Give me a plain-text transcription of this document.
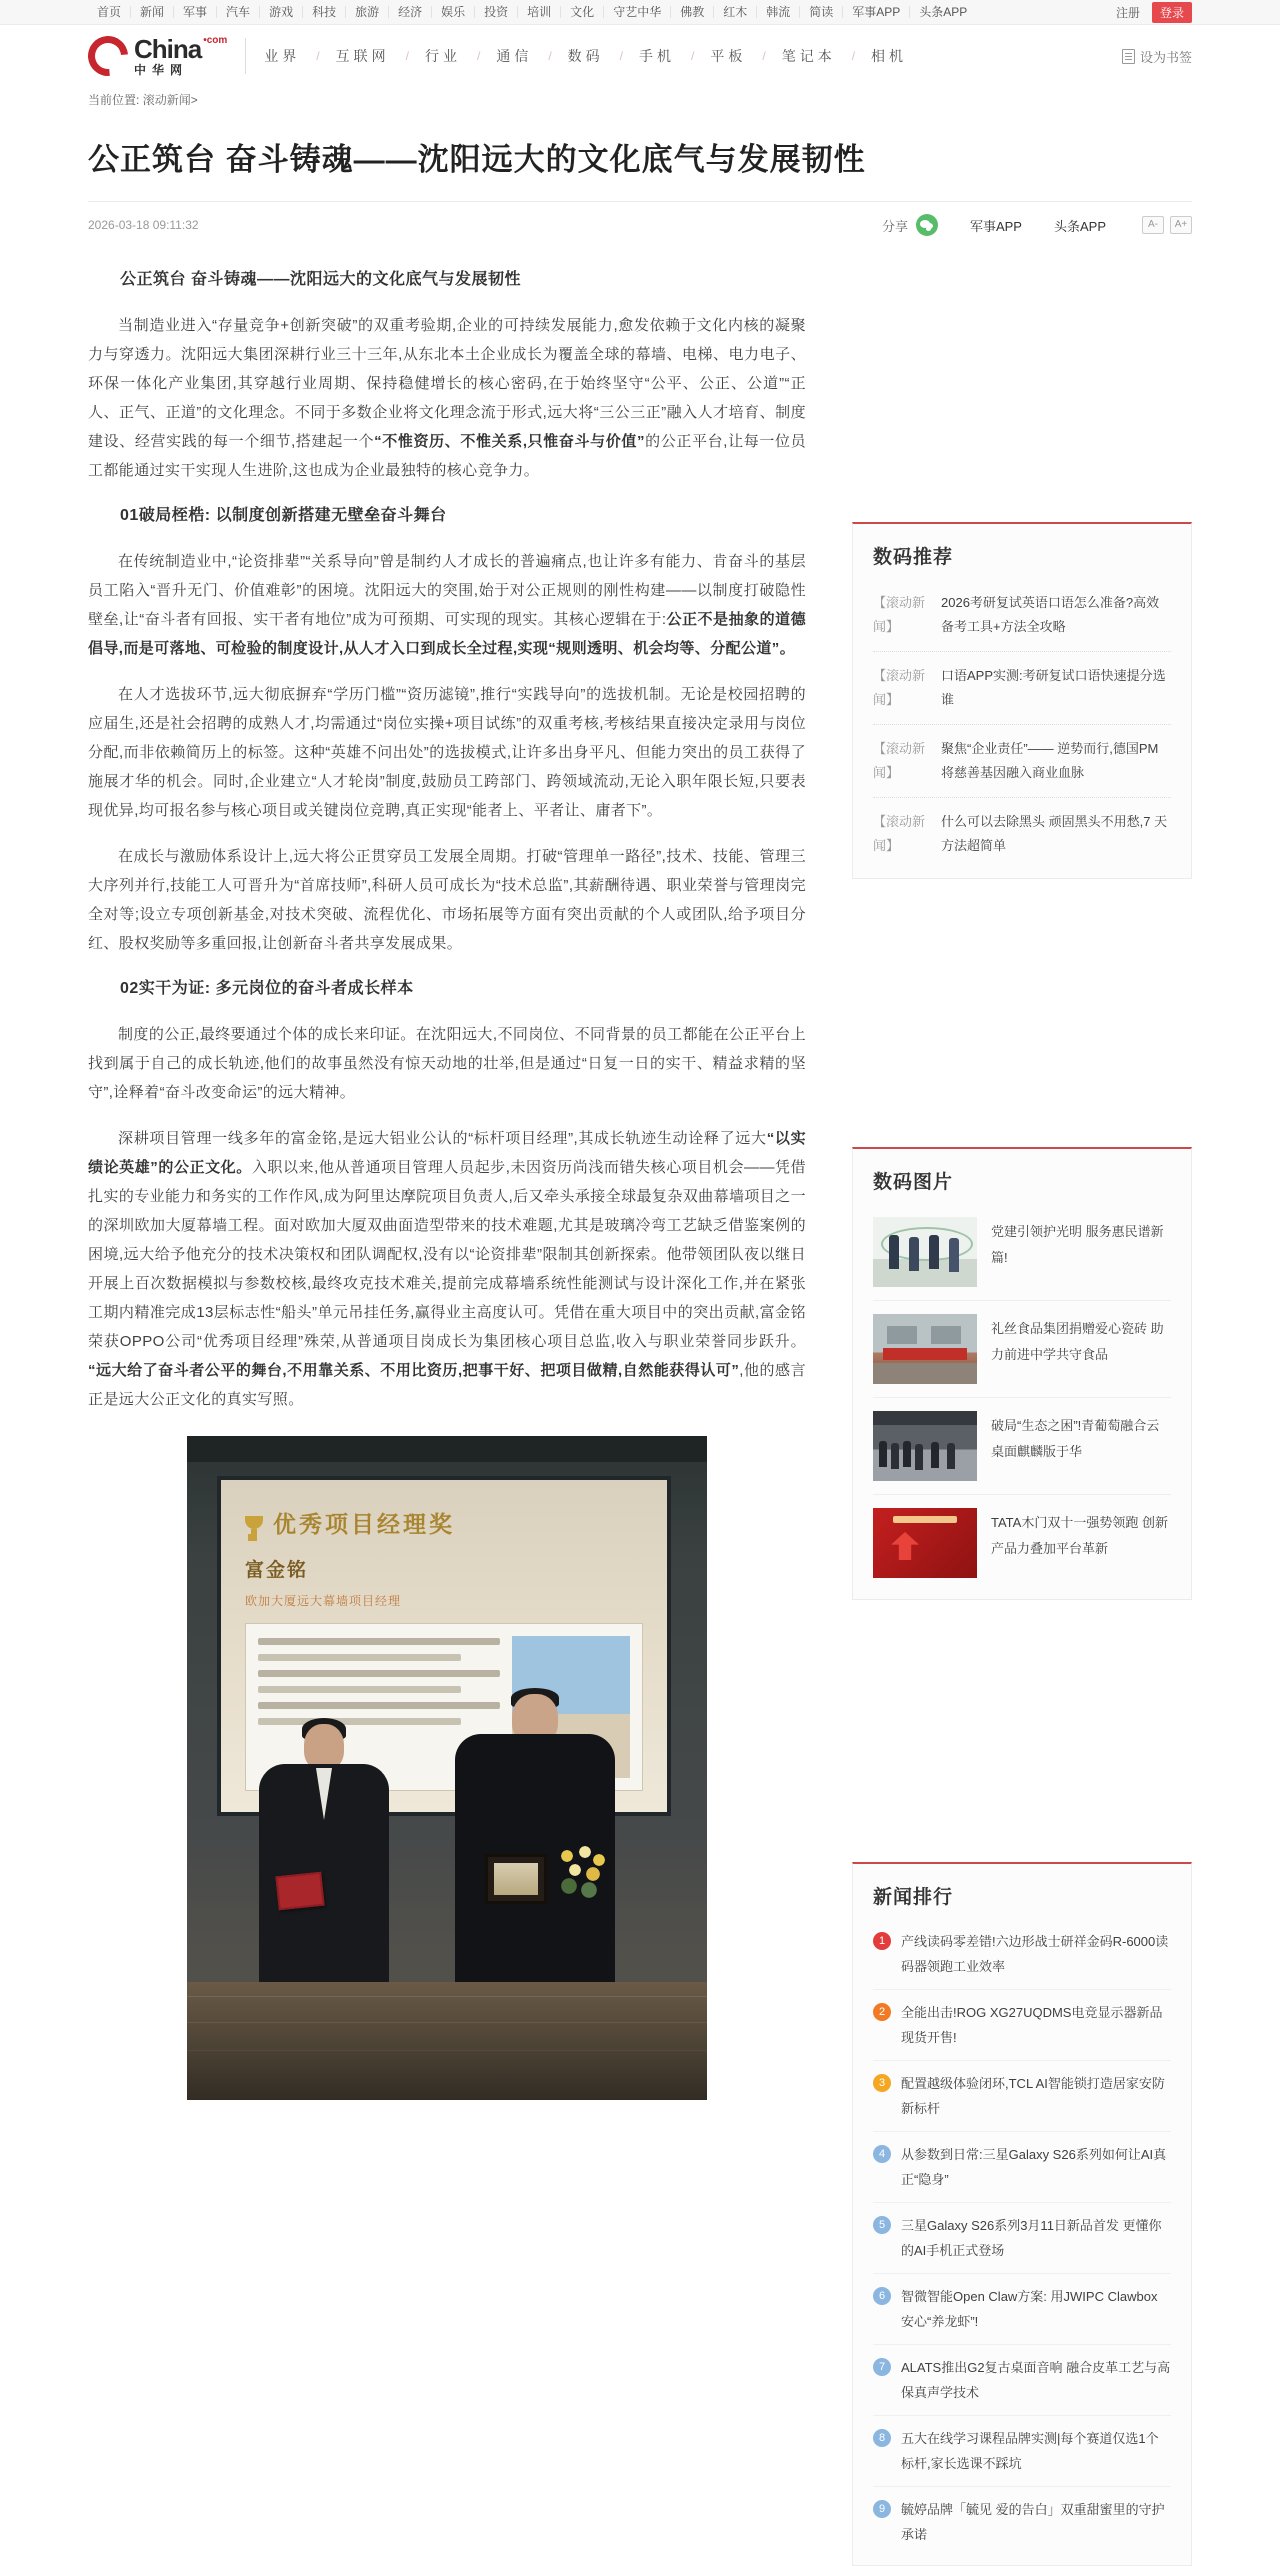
首页	新闻	军事	汽车	游戏	科技	旅游	经济	娱乐	投资	培训	文化	守艺中华	佛教	红木	韩流	简读	军事APP	头条APP	注册	登录
China •com
中华网
业界 / 互联网 / 行业 / 通信 / 数码 / 手机 / 平板 / 笔记本 / 相机	设为书签
当前位置: 滚动新闻>
公正筑台 奋斗铸魂——沈阳远大的文化底气与发展韧性
2026-03-18 09:11:32	分享	军事APP 头条APP	A-	A+
公正筑台 奋斗铸魂——沈阳远大的文化底气与发展韧性
当制造业进入“存量竞争+创新突破”的双重考验期,企业的可持续发展能力,愈发依赖于文化内核的凝聚力与穿透力。沈阳远大集团深耕行业三十三年,从东北本土企业成长为覆盖全球的幕墙、电梯、电力电子、环保一体化产业集团,其穿越行业周期、保持稳健增长的核心密码,在于始终坚守“公平、公正、公道”“正人、正气、正道”的文化理念。不同于多数企业将文化理念流于形式,远大将“三公三正”融入人才培育、制度建设、经营实践的每一个细节,搭建起一个“不惟资历、不惟关系,只惟奋斗与价值”的公正平台,让每一位员工都能通过实干实现人生进阶,这也成为企业最独特的核心竞争力。
01破局桎梏: 以制度创新搭建无壁垒奋斗舞台
在传统制造业中,“论资排辈”“关系导向”曾是制约人才成长的普遍痛点,也让许多有能力、肯奋斗的基层员工陷入“晋升无门、价值难彰”的困境。沈阳远大的突围,始于对公正规则的刚性构建——以制度打破隐性壁垒,让“奋斗者有回报、实干者有地位”成为可预期、可实现的现实。其核心逻辑在于:公正不是抽象的道德倡导,而是可落地、可检验的制度设计,从人才入口到成长全过程,实现“规则透明、机会均等、分配公道”。
在人才选拔环节,远大彻底摒弃“学历门槛”“资历滤镜”,推行“实践导向”的选拔机制。无论是校园招聘的应届生,还是社会招聘的成熟人才,均需通过“岗位实操+项目试练”的双重考核,考核结果直接决定录用与岗位分配,而非依赖简历上的标签。这种“英雄不问出处”的选拔模式,让许多出身平凡、但能力突出的员工获得了施展才华的机会。同时,企业建立“人才轮岗”制度,鼓励员工跨部门、跨领域流动,无论入职年限长短,只要表现优异,均可报名参与核心项目或关键岗位竞聘,真正实现“能者上、平者让、庸者下”。
在成长与激励体系设计上,远大将公正贯穿员工发展全周期。打破“管理单一路径”,技术、技能、管理三大序列并行,技能工人可晋升为“首席技师”,科研人员可成长为“技术总监”,其薪酬待遇、职业荣誉与管理岗完全对等;设立专项创新基金,对技术突破、流程优化、市场拓展等方面有突出贡献的个人或团队,给予项目分红、股权奖励等多重回报,让创新奋斗者共享发展成果。
02实干为证: 多元岗位的奋斗者成长样本
制度的公正,最终要通过个体的成长来印证。在沈阳远大,不同岗位、不同背景的员工都能在公正平台上找到属于自己的成长轨迹,他们的故事虽然没有惊天动地的壮举,但是通过“日复一日的实干、精益求精的坚守”,诠释着“奋斗改变命运”的远大精神。
深耕项目管理一线多年的富金铭,是远大铝业公认的“标杆项目经理”,其成长轨迹生动诠释了远大“以实绩论英雄”的公正文化。入职以来,他从普通项目管理人员起步,未因资历尚浅而错失核心项目机会——凭借扎实的专业能力和务实的工作作风,成为阿里达摩院项目负责人,后又牵头承接全球最复杂双曲幕墙项目之一的深圳欧加大厦幕墙工程。面对欧加大厦双曲面造型带来的技术难题,尤其是玻璃冷弯工艺缺乏借鉴案例的困境,远大给予他充分的技术决策权和团队调配权,没有以“论资排辈”限制其创新探索。他带领团队夜以继日开展上百次数据模拟与参数校核,最终攻克技术难关,提前完成幕墙系统性能测试与设计深化工作,并在紧张工期内精准完成13层标志性“船头”单元吊挂任务,赢得业主高度认可。凭借在重大项目中的突出贡献,富金铭荣获OPPO公司“优秀项目经理”殊荣,从普通项目岗成长为集团核心项目总监,收入与职业荣誉同步跃升。“远大给了奋斗者公平的舞台,不用靠关系、不用比资历,把事干好、把项目做精,自然能获得认可”,他的感言正是远大公正文化的真实写照。
优秀项目经理奖
富金铭
欧加大厦远大幕墙项目经理
数码推荐
【滚动新闻】
2026考研复试英语口语怎么准备?高效备考工具+方法全攻略
【滚动新闻】
口语APP实测:考研复试口语快速提分选谁
【滚动新闻】
聚焦“企业责任”—— 逆势而行,德国PM将慈善基因融入商业血脉
【滚动新闻】
什么可以去除黑头 顽固黑头不用愁,7 天方法超简单
数码图片
党建引领护光明 服务惠民谱新篇!
礼丝食品集团捐赠爱心瓷砖 助力前进中学共守食品
破局“生态之困”!青葡萄融合云桌面麒麟版于华
TATA木门双十一强势领跑 创新产品力叠加平台革新
新闻排行
1	产线读码零差错!六边形战士研祥金码R-6000读码器领跑工业效率
2	全能出击!ROG XG27UQDMS电竞显示器新品现货开售!
3	配置越级体验闭环,TCL AI智能锁打造居家安防新标杆
4	从参数到日常:三星Galaxy S26系列如何让AI真正“隐身”
5	三星Galaxy S26系列3月11日新品首发 更懂你的AI手机正式登场
6	智微智能Open Claw方案: 用JWIPC Clawbox 安心“养龙虾”!
7	ALATS推出G2复古桌面音响 融合皮革工艺与高保真声学技术
8	五大在线学习课程品牌实测|每个赛道仅选1个标杆,家长选课不踩坑
9	毓婷品牌「毓见 爱的告白」双重甜蜜里的守护承诺
